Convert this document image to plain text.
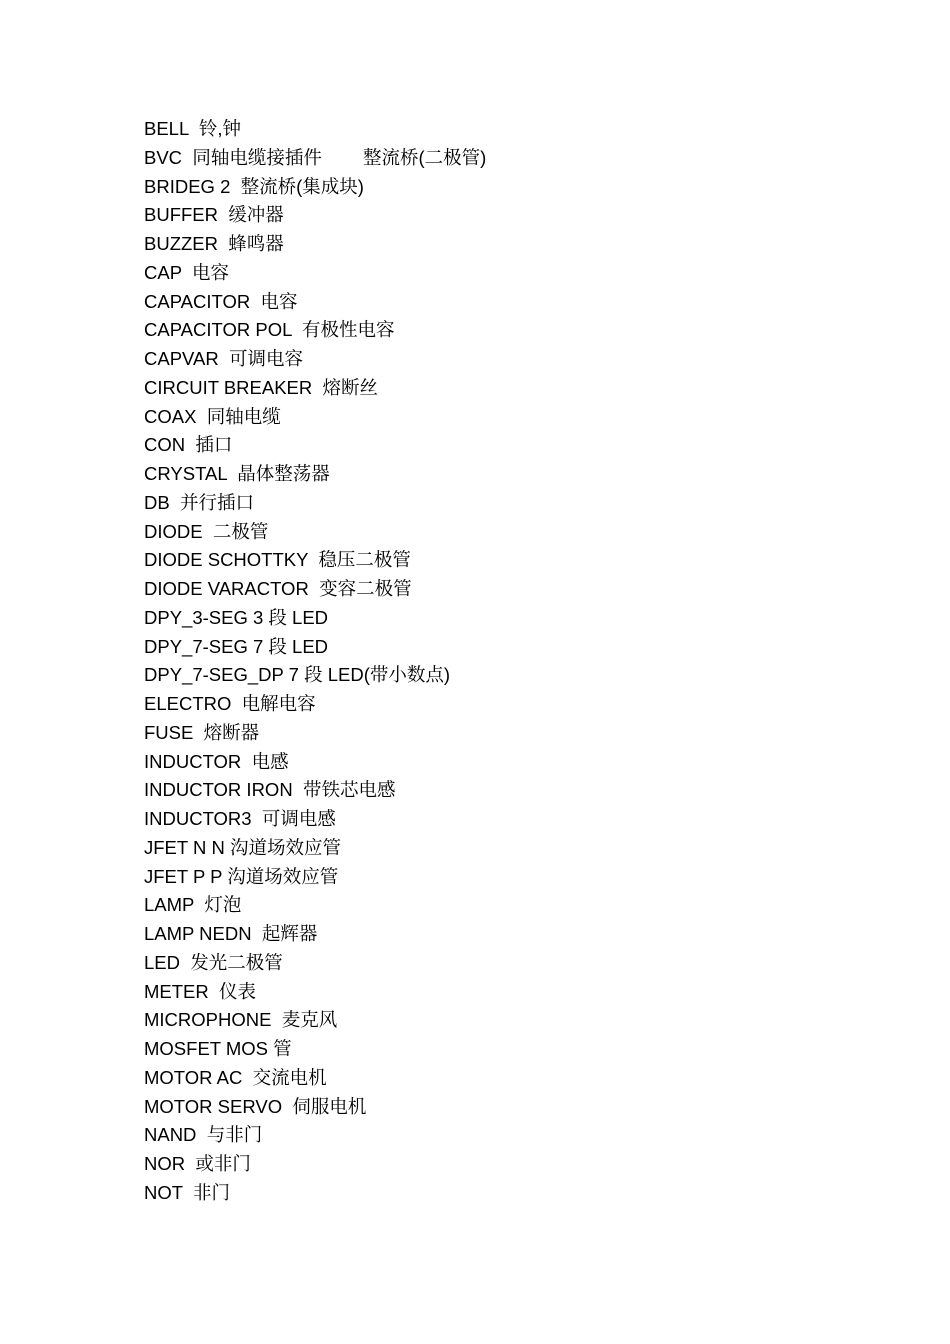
BELL  铃,钟
BVC  同轴电缆接插件        整流桥(二极管)
BRIDEG 2  整流桥(集成块)
BUFFER  缓冲器
BUZZER  蜂鸣器
CAP  电容
CAPACITOR  电容
CAPACITOR POL  有极性电容
CAPVAR  可调电容
CIRCUIT BREAKER  熔断丝
COAX  同轴电缆
CON  插口
CRYSTAL  晶体整荡器
DB  并行插口
DIODE  二极管
DIODE SCHOTTKY  稳压二极管
DIODE VARACTOR  变容二极管
DPY_3-SEG 3 段 LED
DPY_7-SEG 7 段 LED
DPY_7-SEG_DP 7 段 LED(带小数点)
ELECTRO  电解电容
FUSE  熔断器
INDUCTOR  电感
INDUCTOR IRON  带铁芯电感
INDUCTOR3  可调电感
JFET N N 沟道场效应管
JFET P P 沟道场效应管
LAMP  灯泡
LAMP NEDN  起辉器
LED  发光二极管
METER  仪表
MICROPHONE  麦克风
MOSFET MOS 管
MOTOR AC  交流电机
MOTOR SERVO  伺服电机
NAND  与非门
NOR  或非门
NOT  非门
